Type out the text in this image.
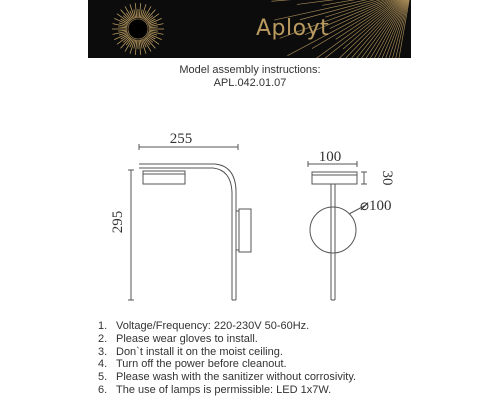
Aployt
Model assembly instructions:
APL.042.01.07
255
295
100
30
⌀100
1. Voltage/Frequency: 220-230V 50-60Hz.
2. Please wear gloves to install.
3. Don`t install it on the moist ceiling.
4. Turn off the power before cleanout.
5. Please wash with the sanitizer without corrosivity.
6. The use of lamps is permissible: LED 1x7W.
